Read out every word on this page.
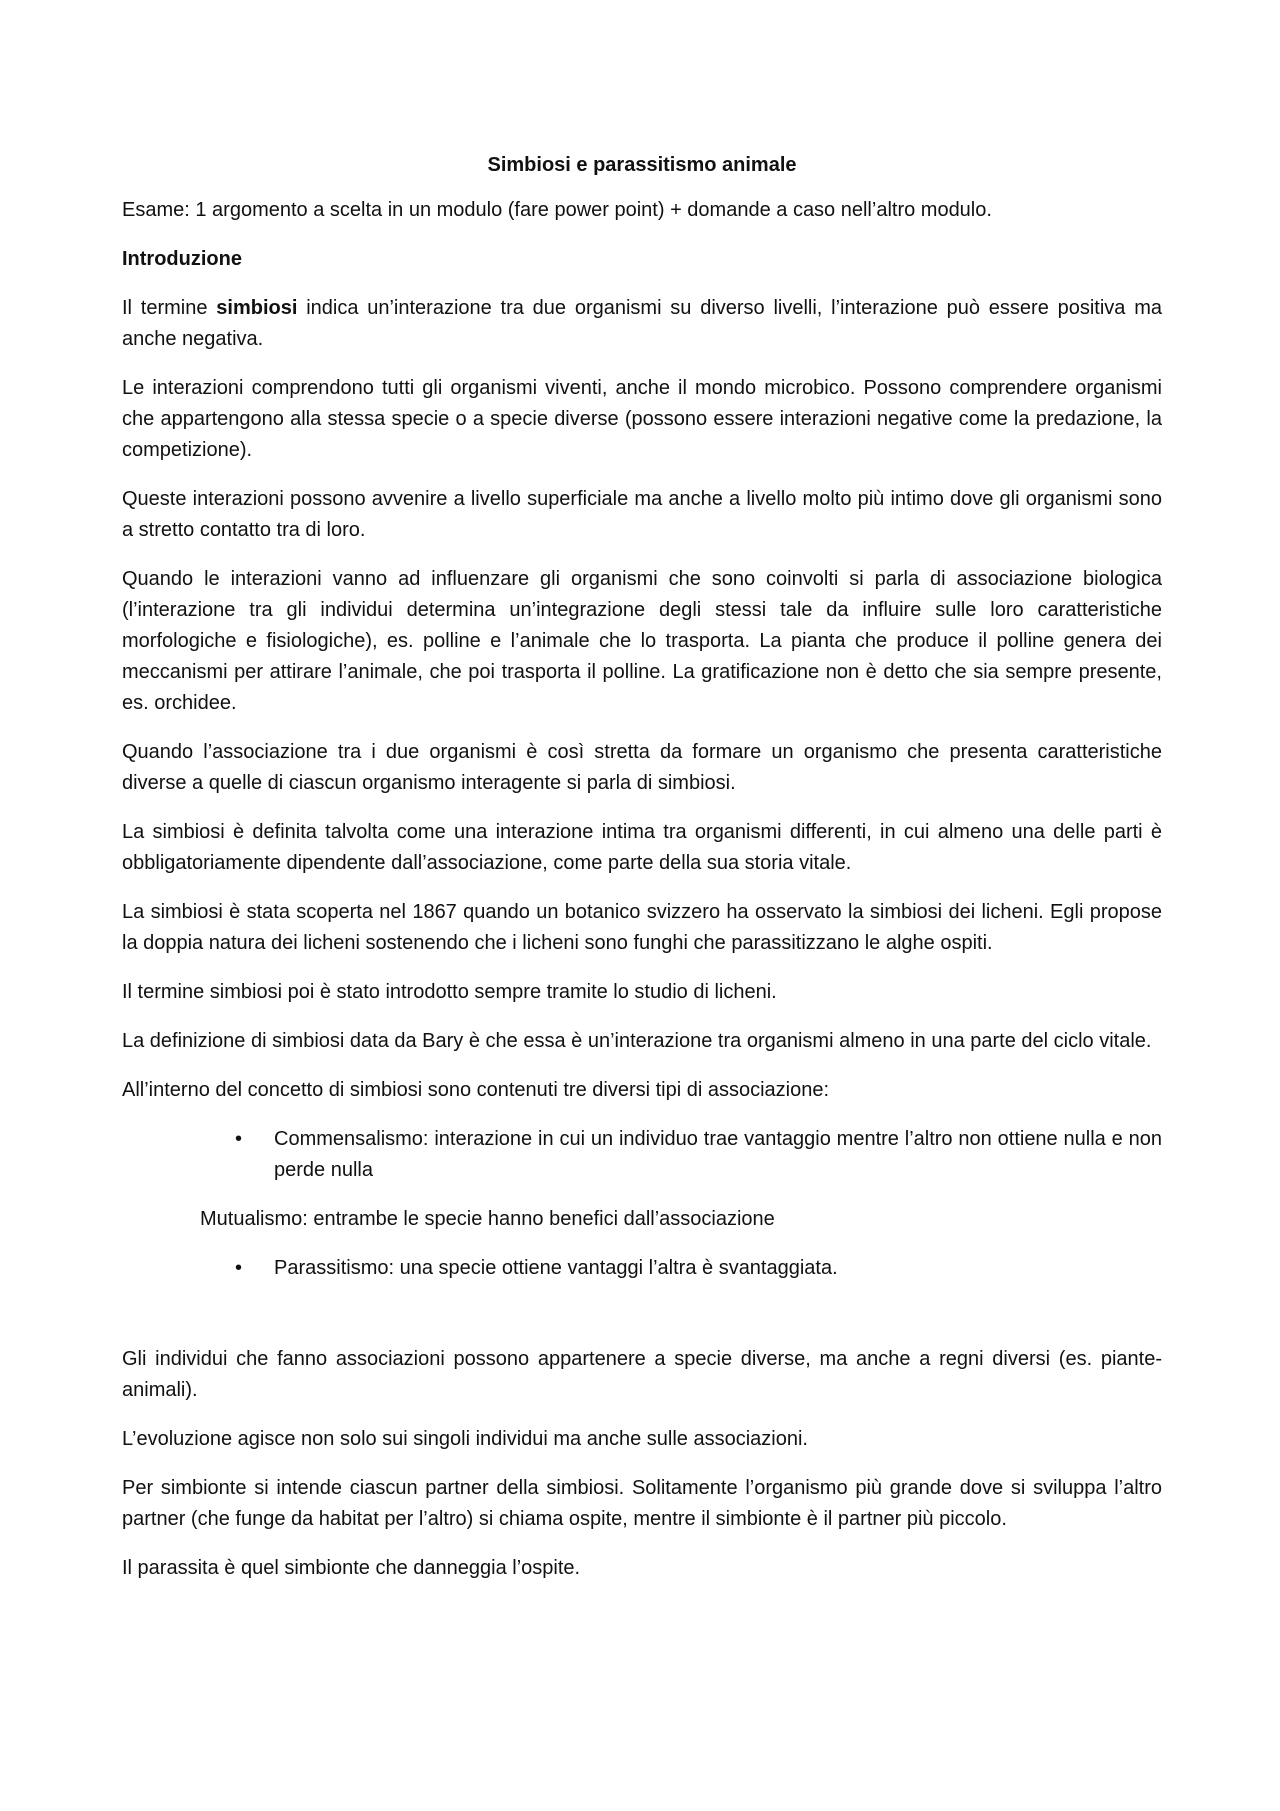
Simbiosi e parassitismo animale
Esame: 1 argomento a scelta in un modulo (fare power point) + domande a caso nell’altro modulo.
Introduzione
Il termine simbiosi indica un’interazione tra due organismi su diverso livelli, l’interazione può essere positiva ma anche negativa.
Le interazioni comprendono tutti gli organismi viventi, anche il mondo microbico. Possono comprendere organismi che appartengono alla stessa specie o a specie diverse (possono essere interazioni negative come la predazione, la competizione).
Queste interazioni possono avvenire a livello superficiale ma anche a livello molto più intimo dove gli organismi sono a stretto contatto tra di loro.
Quando le interazioni vanno ad influenzare gli organismi che sono coinvolti si parla di associazione biologica (l’interazione tra gli individui determina un’integrazione degli stessi tale da influire sulle loro caratteristiche morfologiche e fisiologiche), es. polline e l’animale che lo trasporta. La pianta che produce il polline genera dei meccanismi per attirare l’animale, che poi trasporta il polline. La gratificazione non è detto che sia sempre presente, es. orchidee.
Quando l’associazione tra i due organismi è così stretta da formare un organismo che presenta caratteristiche diverse a quelle di ciascun organismo interagente si parla di simbiosi.
La simbiosi è definita talvolta come una interazione intima tra organismi differenti, in cui almeno una delle parti è obbligatoriamente dipendente dall’associazione, come parte della sua storia vitale.
La simbiosi è stata scoperta nel 1867 quando un botanico svizzero ha osservato la simbiosi dei licheni. Egli propose la doppia natura dei licheni sostenendo che i licheni sono funghi che parassitizzano le alghe ospiti.
Il termine simbiosi poi è stato introdotto sempre tramite lo studio di licheni.
La definizione di simbiosi data da Bary è che essa è un’interazione tra organismi almeno in una parte del ciclo vitale.
All’interno del concetto di simbiosi sono contenuti tre diversi tipi di associazione:
• Commensalismo: interazione in cui un individuo trae vantaggio mentre l’altro non ottiene nulla e non perde nulla
Mutualismo: entrambe le specie hanno benefici dall’associazione
• Parassitismo: una specie ottiene vantaggi l’altra è svantaggiata.
Gli individui che fanno associazioni possono appartenere a specie diverse, ma anche a regni diversi (es. piante-animali).
L’evoluzione agisce non solo sui singoli individui ma anche sulle associazioni.
Per simbionte si intende ciascun partner della simbiosi. Solitamente l’organismo più grande dove si sviluppa l’altro partner (che funge da habitat per l’altro) si chiama ospite, mentre il simbionte è il partner più piccolo.
Il parassita è quel simbionte che danneggia l’ospite.
